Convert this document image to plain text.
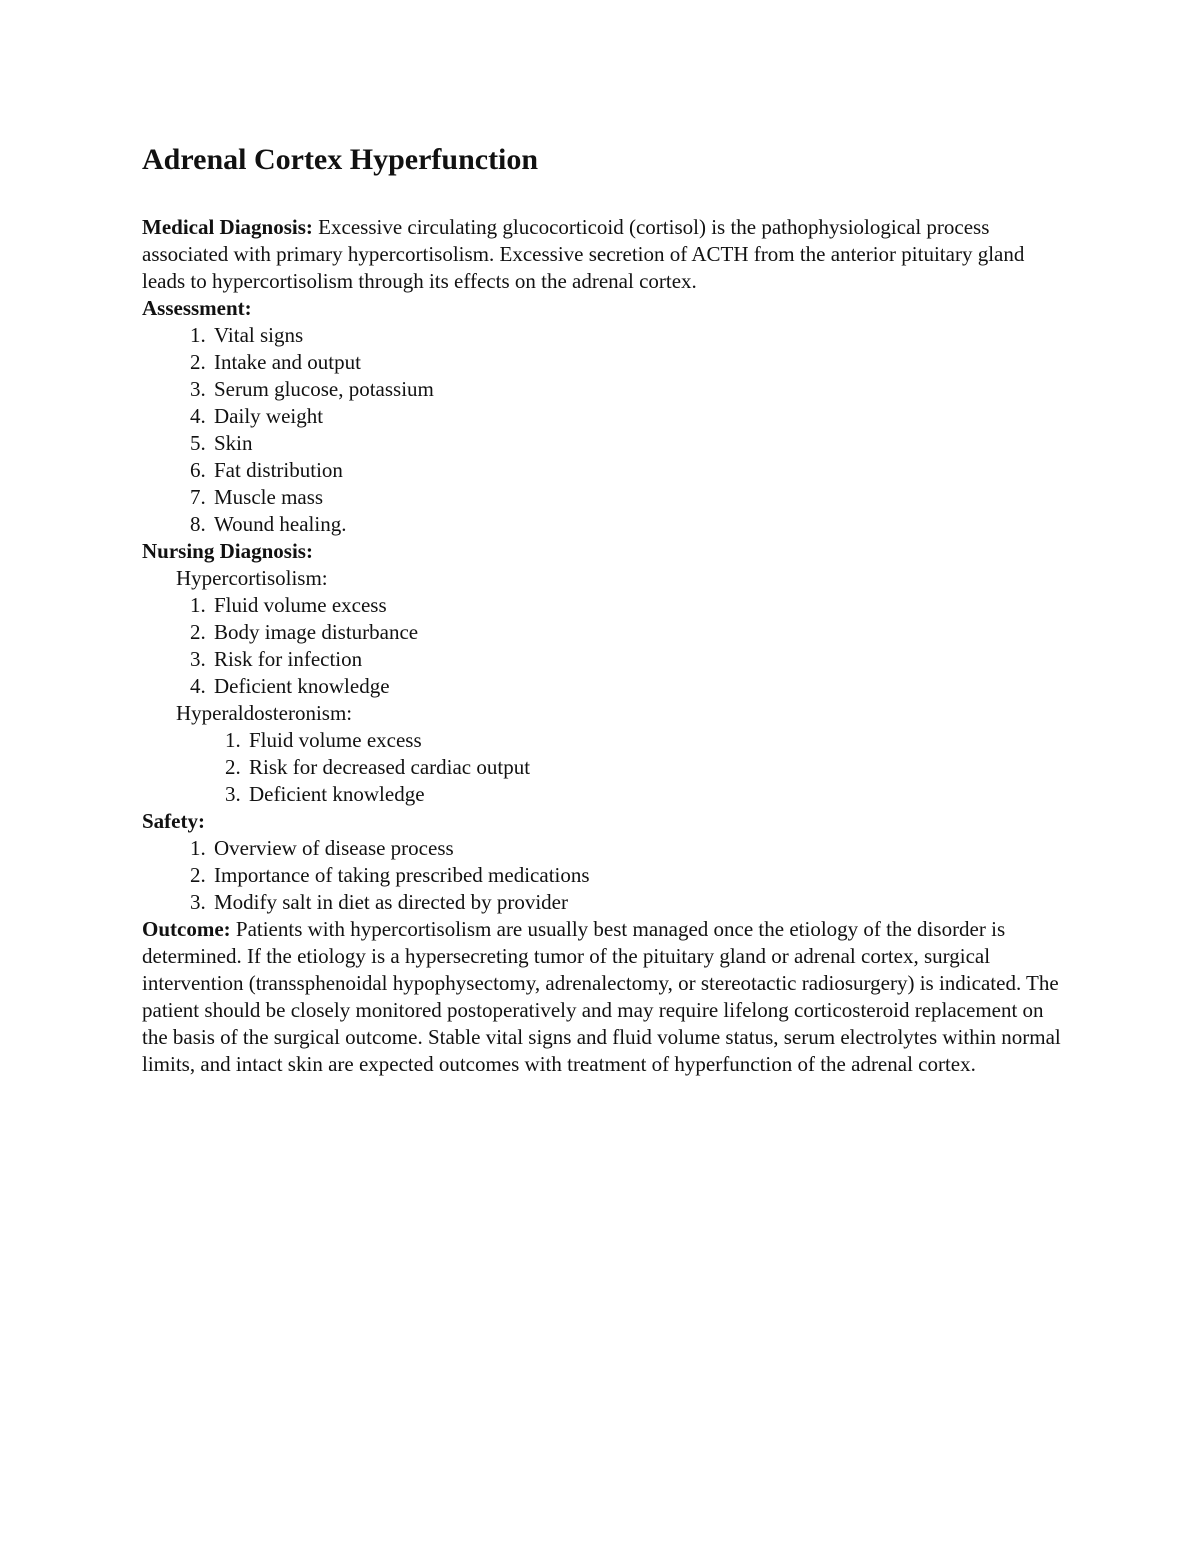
Adrenal Cortex Hyperfunction

Medical Diagnosis: Excessive circulating glucocorticoid (cortisol) is the pathophysiological process associated with primary hypercortisolism. Excessive secretion of ACTH from the anterior pituitary gland leads to hypercortisolism through its effects on the adrenal cortex.

Assessment:

1. Vital signs
2. Intake and output
3. Serum glucose, potassium
4. Daily weight
5. Skin
6. Fat distribution
7. Muscle mass
8. Wound healing.

Nursing Diagnosis:

Hypercortisolism:

1. Fluid volume excess
2. Body image disturbance
3. Risk for infection
4. Deficient knowledge

Hyperaldosteronism:

1. Fluid volume excess
2. Risk for decreased cardiac output
3. Deficient knowledge

Safety:

1. Overview of disease process
2. Importance of taking prescribed medications
3. Modify salt in diet as directed by provider

Outcome: Patients with hypercortisolism are usually best managed once the etiology of the disorder is determined. If the etiology is a hypersecreting tumor of the pituitary gland or adrenal cortex, surgical intervention (transsphenoidal hypophysectomy, adrenalectomy, or stereotactic radiosurgery) is indicated. The patient should be closely monitored postoperatively and may require lifelong corticosteroid replacement on the basis of the surgical outcome. Stable vital signs and fluid volume status, serum electrolytes within normal limits, and intact skin are expected outcomes with treatment of hyperfunction of the adrenal cortex.
